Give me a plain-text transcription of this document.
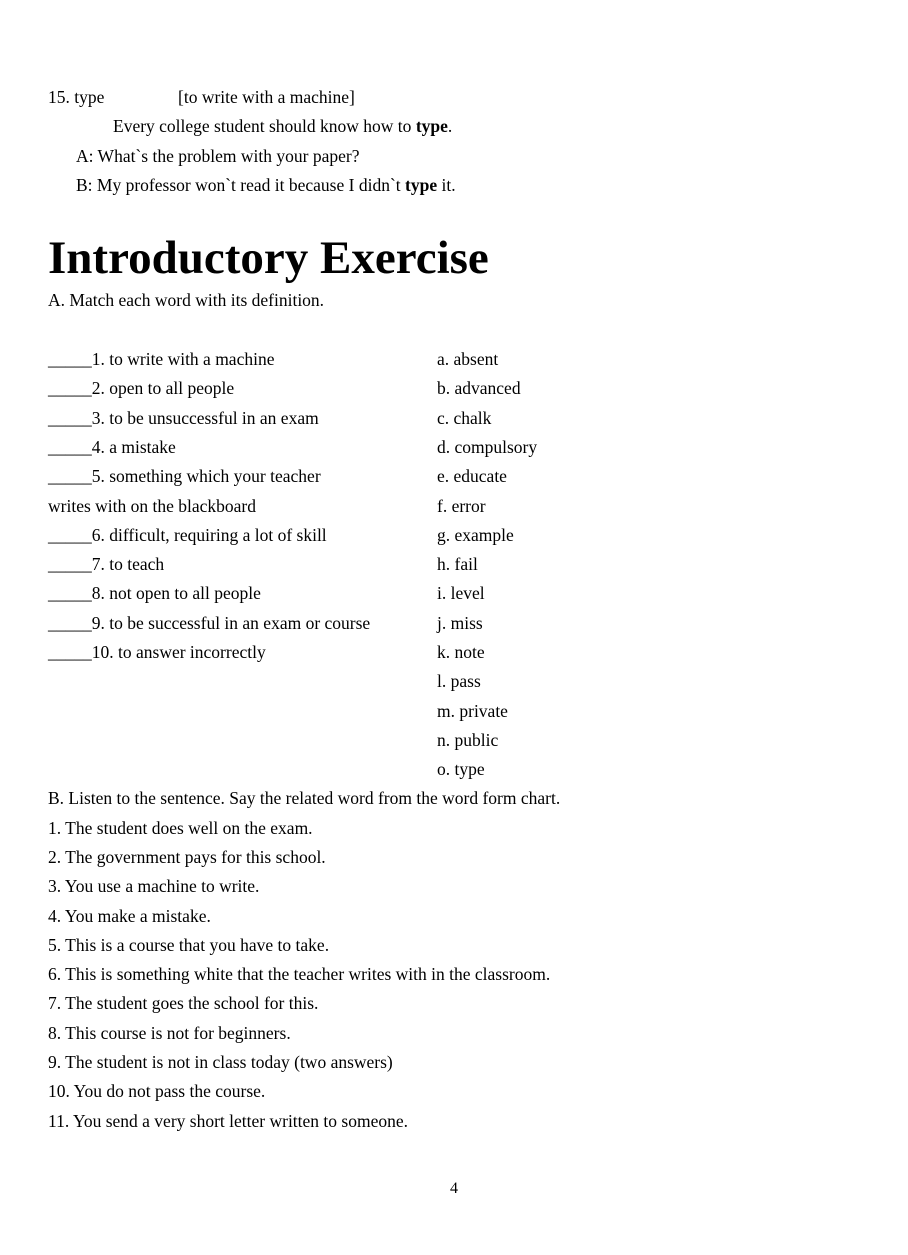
15. type	[to write with a machine]
Every college student should know how to type.
A: What`s the problem with your paper?
B: My professor won`t read it because I didn`t type it.
Introductory Exercise
A. Match each word with its definition.
_____1. to write with a machine
_____2. open to all people
_____3. to be unsuccessful in an exam
_____4. a mistake
_____5. something which your teacher
writes with on the blackboard
_____6. difficult, requiring a lot of skill
_____7. to teach
_____8. not open to all people
_____9. to be successful in an exam or course
_____10. to answer incorrectly
a. absent
b. advanced
c. chalk
d. compulsory
e. educate
f. error
g. example
h. fail
i. level
j. miss
k. note
l. pass
m. private
n. public
o. type
B. Listen to the sentence. Say the related word from the word form chart.
1. The student does well on the exam.
2. The government pays for this school.
3. You use a machine to write.
4. You make a mistake.
5. This is a course that you have to take.
6. This is something white that the teacher writes with in the classroom.
7. The student goes the school for this.
8. This course is not for beginners.
9. The student is not in class today (two answers)
10. You do not pass the course.
11. You send a very short letter written to someone.
4
